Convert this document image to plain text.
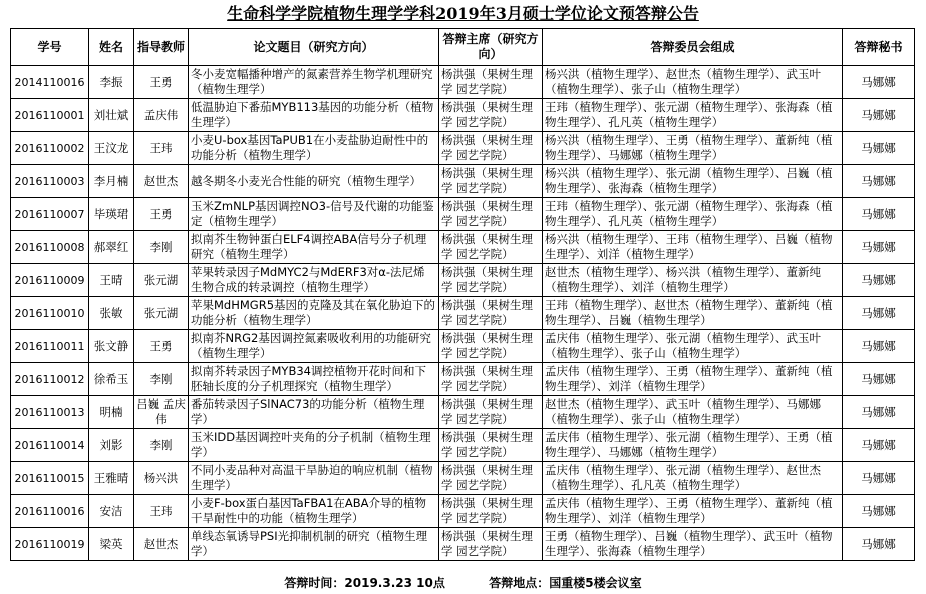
生命科学学院植物生理学学科2019年3月硕士学位论文预答辩公告
学号	姓名	指导教师	论文题目（研究方向）	答辩主席（研究方向）	答辩委员会组成	答辩秘书
2014110016	李振	王勇	冬小麦宽幅播种增产的氮素营养生物学机理研究（植物生理学）	杨洪强（果树生理学 园艺学院）	杨兴洪（植物生理学）、赵世杰（植物生理学）、武玉叶（植物生理学）、张子山（植物生理学）	马娜娜
2016110001	刘壮斌	孟庆伟	低温胁迫下番茄MYB113基因的功能分析（植物生理学）	杨洪强（果树生理学 园艺学院）	王玮（植物生理学）、张元湖（植物生理学）、张海森（植物生理学）、孔凡英（植物生理学）	马娜娜
2016110002	王汶龙	王玮	小麦U-box基因TaPUB1在小麦盐胁迫耐性中的功能分析（植物生理学）	杨洪强（果树生理学 园艺学院）	杨兴洪（植物生理学）、王勇（植物生理学）、董新纯（植物生理学）、马娜娜（植物生理学）	马娜娜
2016110003	李月楠	赵世杰	越冬期冬小麦光合性能的研究（植物生理学）	杨洪强（果树生理学 园艺学院）	杨兴洪（植物生理学）、张元湖（植物生理学）、吕巍（植物生理学）、张海森（植物生理学）	马娜娜
2016110007	毕瑛珺	王勇	玉米ZmNLP基因调控NO3-信号及代谢的功能鉴定（植物生理学）	杨洪强（果树生理学 园艺学院）	王玮（植物生理学）、张元湖（植物生理学）、张海森（植物生理学）、孔凡英（植物生理学）	马娜娜
2016110008	郝翠红	李刚	拟南芥生物钟蛋白ELF4调控ABA信号分子机理研究（植物生理学）	杨洪强（果树生理学 园艺学院）	杨兴洪（植物生理学）、王玮（植物生理学）、吕巍（植物生理学）、刘洋（植物生理学）	马娜娜
2016110009	王晴	张元湖	苹果转录因子MdMYC2与MdERF3对α-法尼烯生物合成的转录调控（植物生理学）	杨洪强（果树生理学 园艺学院）	赵世杰（植物生理学）、杨兴洪（植物生理学）、董新纯（植物生理学）、刘洋（植物生理学）	马娜娜
2016110010	张敏	张元湖	苹果MdHMGR5基因的克隆及其在氧化胁迫下的功能分析（植物生理学）	杨洪强（果树生理学 园艺学院）	王玮（植物生理学）、赵世杰（植物生理学）、董新纯（植物生理学）、吕巍（植物生理学）	马娜娜
2016110011	张文静	王勇	拟南芥NRG2基因调控氮素吸收利用的功能研究（植物生理学）	杨洪强（果树生理学 园艺学院）	孟庆伟（植物生理学）、张元湖（植物生理学）、武玉叶（植物生理学）、张子山（植物生理学）	马娜娜
2016110012	徐希玉	李刚	拟南芥转录因子MYB34调控植物开花时间和下胚轴长度的分子机理探究（植物生理学）	杨洪强（果树生理学 园艺学院）	孟庆伟（植物生理学）、王勇（植物生理学）、董新纯（植物生理学）、刘洋（植物生理学）	马娜娜
2016110013	明楠	吕巍 孟庆伟	番茄转录因子SlNAC73的功能分析（植物生理学）	杨洪强（果树生理学 园艺学院）	赵世杰（植物生理学）、武玉叶（植物生理学）、马娜娜（植物生理学）、张子山（植物生理学）	马娜娜
2016110014	刘影	李刚	玉米IDD基因调控叶夹角的分子机制（植物生理学）	杨洪强（果树生理学 园艺学院）	孟庆伟（植物生理学）、张元湖（植物生理学）、王勇（植物生理学）、马娜娜（植物生理学）	马娜娜
2016110015	王雅晴	杨兴洪	不同小麦品种对高温干旱胁迫的响应机制（植物生理学）	杨洪强（果树生理学 园艺学院）	孟庆伟（植物生理学）、张元湖（植物生理学）、赵世杰（植物生理学）、孔凡英（植物生理学）	马娜娜
2016110016	安洁	王玮	小麦F-box蛋白基因TaFBA1在ABA介导的植物干旱耐性中的功能（植物生理学）	杨洪强（果树生理学 园艺学院）	孟庆伟（植物生理学）、王勇（植物生理学）、董新纯（植物生理学）、刘洋（植物生理学）	马娜娜
2016110019	梁英	赵世杰	单线态氧诱导PSI光抑制机制的研究（植物生理学）	杨洪强（果树生理学 园艺学院）	王勇（植物生理学）、吕巍（植物生理学）、武玉叶（植物生理学）、张海森（植物生理学）	马娜娜
答辩时间：2019.3.23 10点	答辩地点：国重楼5楼会议室
